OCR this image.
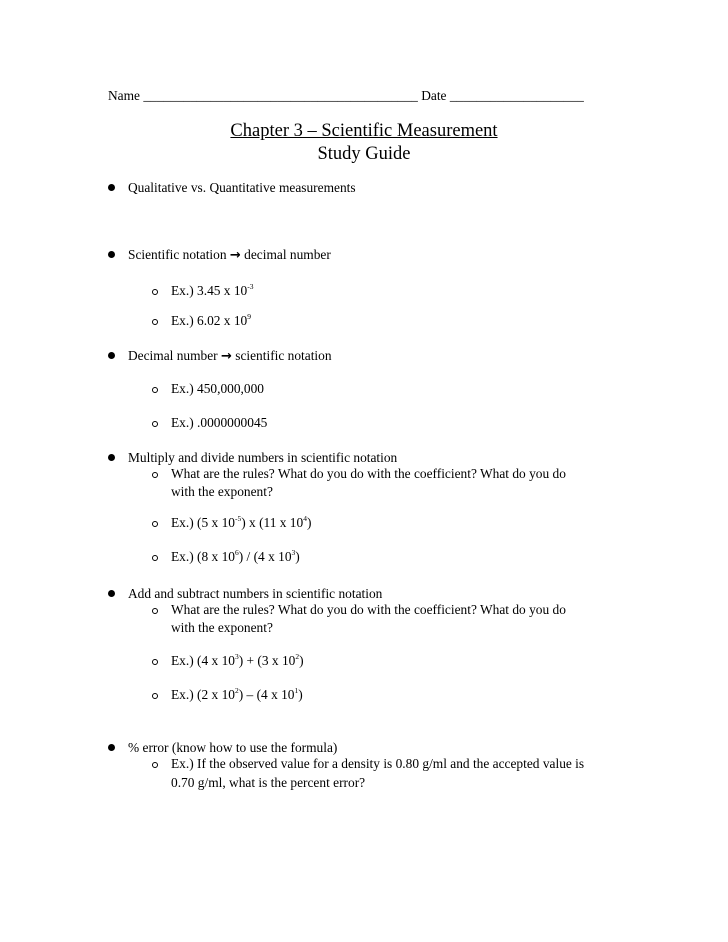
Name _________________________________________ Date ____________________
Chapter 3 – Scientific Measurement
Study Guide
Qualitative vs. Quantitative measurements
Scientific notation → decimal number
Ex.) 3.45 x $10^{-3}$
Ex.) 6.02 x $10^9$
Decimal number → scientific notation
Ex.) 450,000,000
Ex.) .0000000045
Multiply and divide numbers in scientific notation
What are the rules? What do you do with the coefficient? What do you do
with the exponent?
Ex.) (5 x $10^{-5}$) x (11 x $10^4$)
Ex.) (8 x $10^6) / (4$ x $10^3$)
Add and subtract numbers in scientific notation
What are the rules? What do you do with the coefficient? What do you do
with the exponent?
Ex.) (4 x $10^3) + (3$ x $10^2$)
Ex.) (2 x $10^2) - (4$ x $10^1$)
% error (know how to use the formula)
Ex.) If the observed value for a density is 0.80 g/ml and the accepted value is
0.70 g/ml, what is the percent error?
